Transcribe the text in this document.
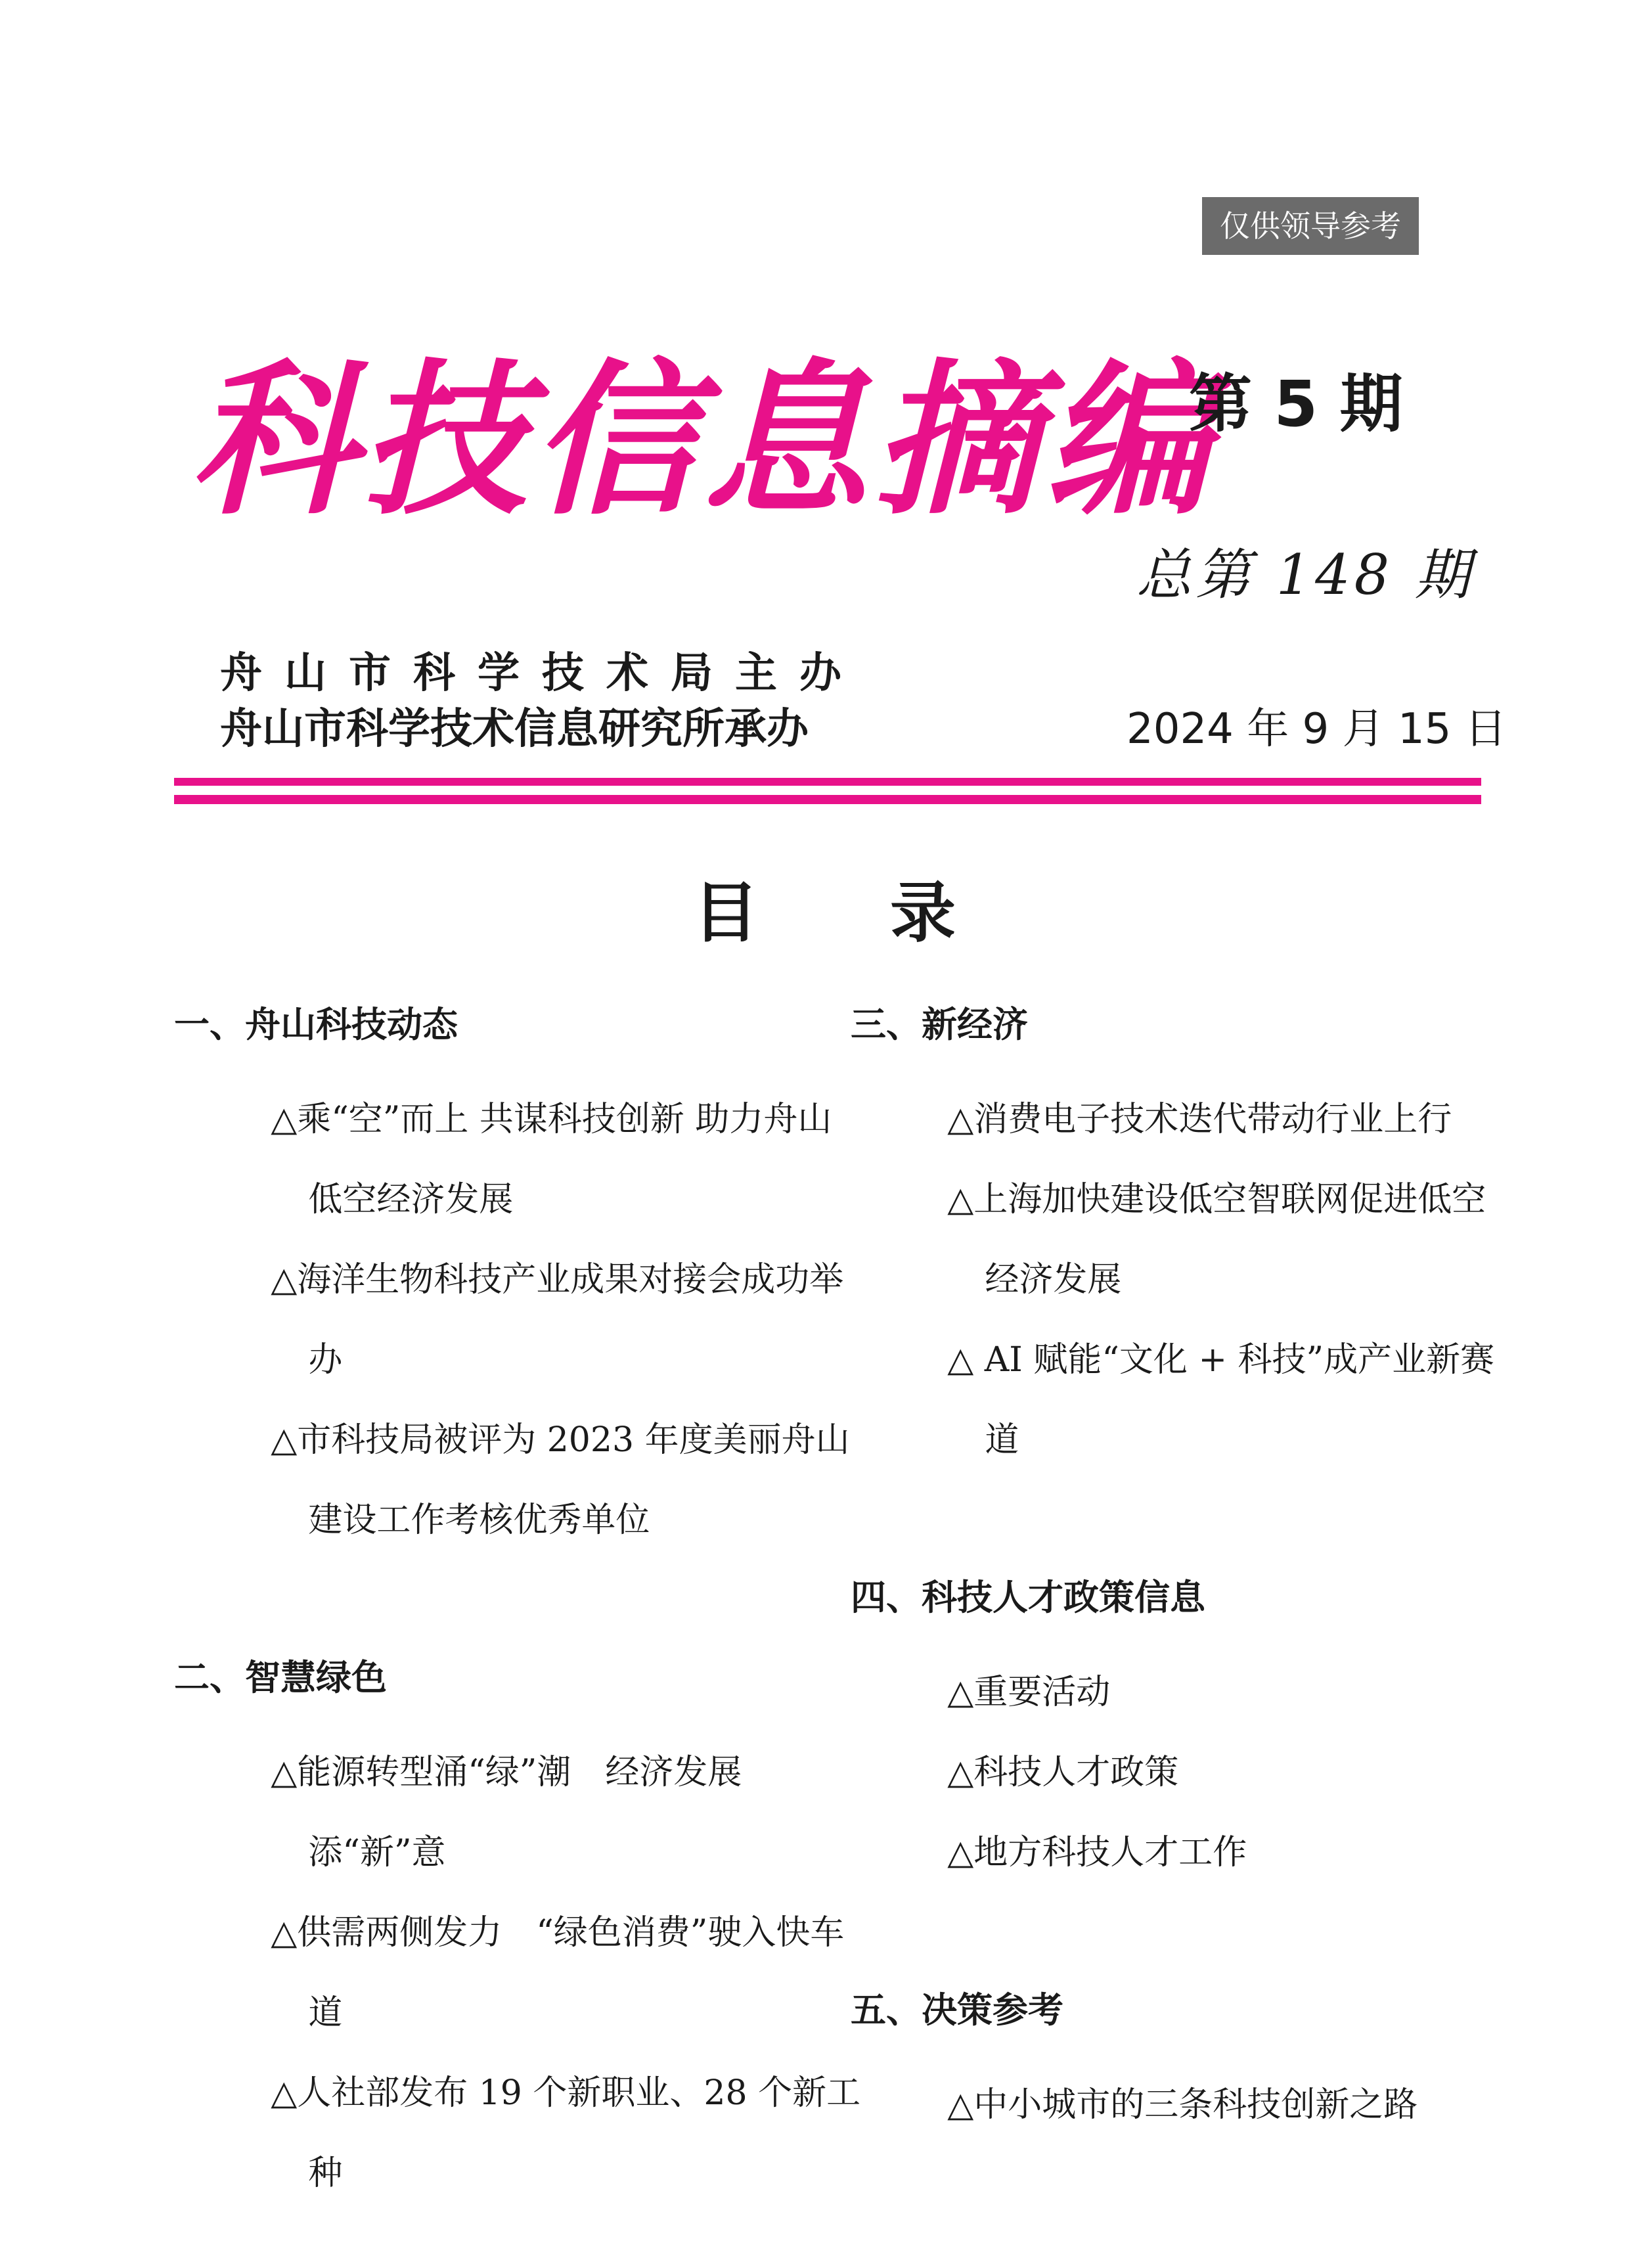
仅供领导参考
科技信息摘编
第 5 期
总第 148 期
舟山市科学技术局主办
舟山市科学技术信息研究所承办	2024 年 9 月 15 日
目录
一、舟山科技动态
△乘“空”而上 共谋科技创新 助力舟山低空经济发展
△海洋生物科技产业成果对接会成功举办
△市科技局被评为 2023 年度美丽舟山建设工作考核优秀单位
二、智慧绿色
△能源转型涌“绿”潮　经济发展添“新”意
△供需两侧发力　“绿色消费”驶入快车道
△人社部发布 19 个新职业、28 个新工种
三、新经济
△消费电子技术迭代带动行业上行
△上海加快建设低空智联网促进低空经济发展
△ AI 赋能“文化 + 科技”成产业新赛道
四、科技人才政策信息
△重要活动
△科技人才政策
△地方科技人才工作
五、决策参考
△中小城市的三条科技创新之路
